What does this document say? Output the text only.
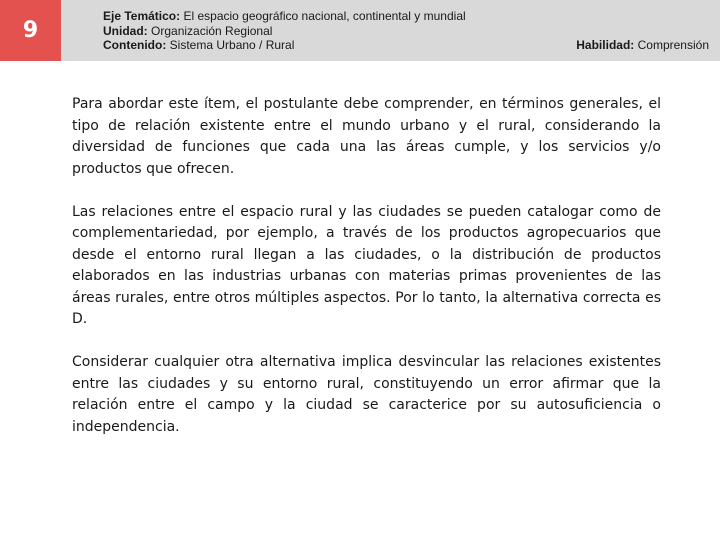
9
Eje Temático: El espacio geográfico nacional, continental y mundial
Unidad: Organización Regional
Contenido: Sistema Urbano / Rural	Habilidad: Comprensión

Para abordar este ítem, el postulante debe comprender, en términos generales, el tipo de relación existente entre el mundo urbano y el rural, considerando la diversidad de funciones que cada una las áreas cumple, y los servicios y/o productos que ofrecen.

Las relaciones entre el espacio rural y las ciudades se pueden catalogar como de complementariedad, por ejemplo, a través de los productos agropecuarios que desde el entorno rural llegan a las ciudades, o la distribución de productos elaborados en las industrias urbanas con materias primas provenientes de las áreas rurales, entre otros múltiples aspectos. Por lo tanto, la alternativa correcta es D.

Considerar cualquier otra alternativa implica desvincular las relaciones existentes entre las ciudades y su entorno rural, constituyendo un error afirmar que la relación entre el campo y la ciudad se caracterice por su autosuficiencia o independencia.
